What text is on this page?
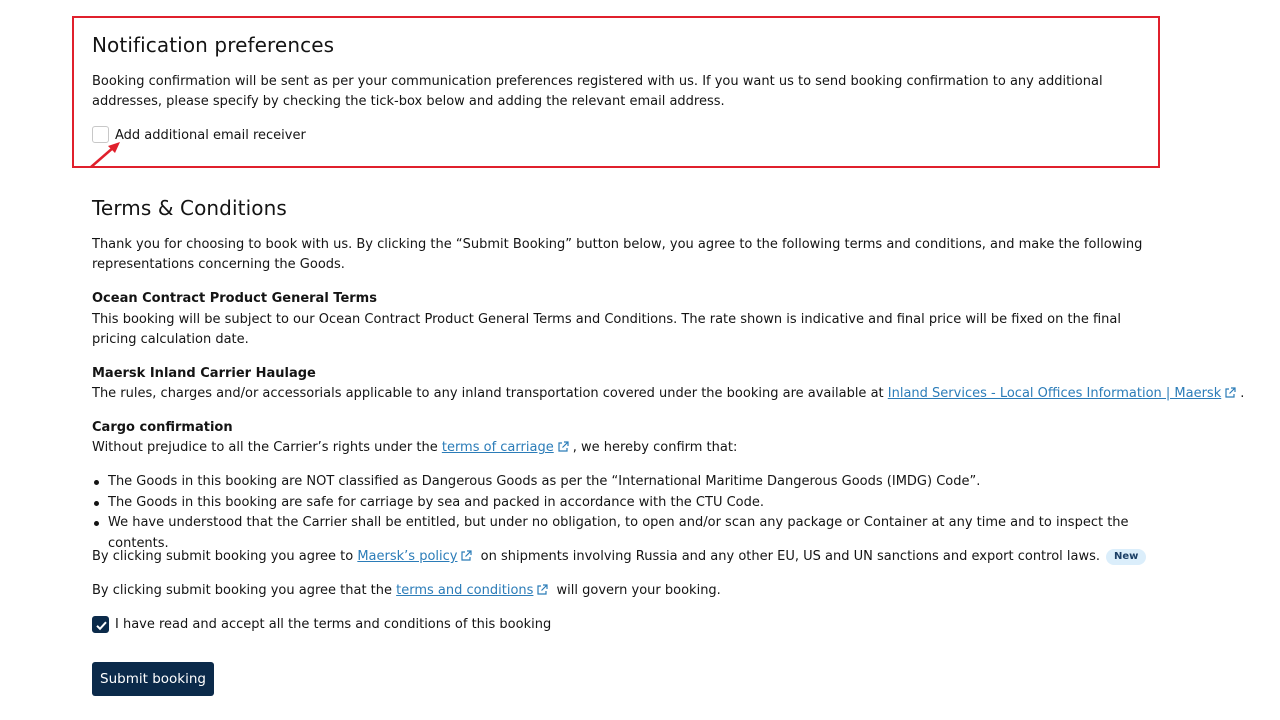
Notification preferences

Booking confirmation will be sent as per your communication preferences registered with us. If you want us to send booking confirmation to any additional addresses, please specify by checking the tick-box below and adding the relevant email address.

Add additional email receiver
Terms & Conditions

Thank you for choosing to book with us. By clicking the “Submit Booking” button below, you agree to the following terms and conditions, and make the following representations concerning the Goods.

Ocean Contract Product General Terms

This booking will be subject to our Ocean Contract Product General Terms and Conditions. The rate shown is indicative and final price will be fixed on the final pricing calculation date.

Maersk Inland Carrier Haulage

The rules, charges and/or accessorials applicable to any inland transportation covered under the booking are available at Inland Services - Local Offices Information | Maersk .

Cargo confirmation

Without prejudice to all the Carrier’s rights under the terms of carriage , we hereby confirm that:

The Goods in this booking are NOT classified as Dangerous Goods as per the “International Maritime Dangerous Goods (IMDG) Code”.
The Goods in this booking are safe for carriage by sea and packed in accordance with the CTU Code.
We have understood that the Carrier shall be entitled, but under no obligation, to open and/or scan any package or Container at any time and to inspect the contents.

By clicking submit booking you agree to Maersk’s policy on shipments involving Russia and any other EU, US and UN sanctions and export control laws. New

By clicking submit booking you agree that the terms and conditions will govern your booking.

I have read and accept all the terms and conditions of this booking
Submit booking
